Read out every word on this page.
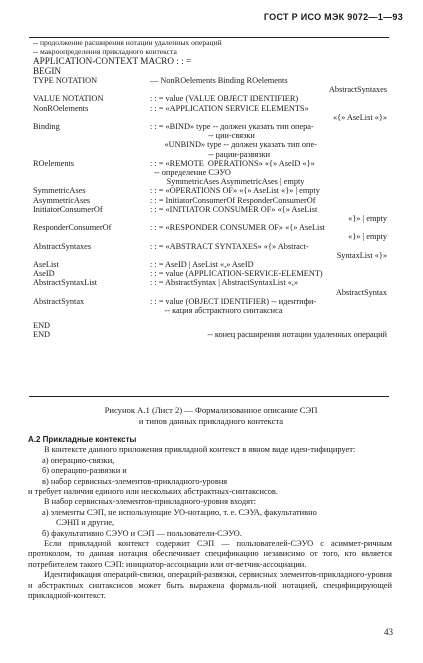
ГОСТ Р ИСО МЭК 9072—1—93
-- продолжение расширения нотации удаленных операций
-- макроопределения прикладного контекста
APPLICATION-CONTEXT MACRO : : =
BEGIN
TYPE NOTATION	— NonROelements Binding ROelements
AbstractSyntaxes
VALUE NOTATION	: : = value (VALUE OBJECT IDENTIFIER)
NonROelements	: : = «APPLICATION SERVICE ELEMENTS»
«{» AseList «}»
Binding	: : = «BIND» type -- должен указать тип опера-
-- ции-связки
«UNBIND» type -- должен указать тип опе-
-- рации-развязки
ROelements	: : = «REMOTE  OPERATIONS» «{» AseID «}»
-- определение СЭУО
SymmetricAses AsymmetricAses | empty
SymmetricAses	: : = «OPERATIONS OF» «{» AseList «}» | empty
AsymmetricAses	: : = InitiatorConsumerOf ResponderConsumerOf
InitiatorConsumerOf	: : = «INITIATOR CONSUMER OF» «{» AseList
«}» | empty
ResponderConsumerOf	: : = «RESPONDER CONSUMER OF» «{» AseList
«}» | empty
AbstractSyntaxes	: : = «ABSTRACT SYNTAXES» «{» Abstract-
SyntaxList «}»
AseList	: : = AseID | AseList «,» AseID
AseID	: : = value (APPLICATION-SERVICE-ELEMENT)
AbstractSyntaxList	: : = AbstractSyntax | AbstractSyntaxList «,»
AbstractSyntax
AbstractSyntax	: : = value (OBJECT IDENTIFIER) -- идентифи-
-- кация абстрактного синтаксиса
END
END	-- конец расширения нотации удаленных операций
Рисунок А.1 (Лист 2) — Формализованное описание СЭП
и типов данных прикладного контекста

А.2 Прикладные контексты

В контексте данного приложения прикладной контекст в явном виде иден-тифицирует:

а) операцию-связки,

б) операцию-развязки и

в) набор сервисных-элементов-прикладного-уровня

и требует наличия единого или нескольких абстрактных-синтаксисов.

В набор сервисных-элементов-прикладного-уровня входят:

а) элементы СЭП, не использующие УО-нотацию, т. е. СЭУА, факультативно

СЭНП и другие,

б) факультативно СЭУО и СЭП — пользователи-СЭУО.

Если прикладной контекст содержит СЭП — пользователей-СЭУО с асиммет-ричным протоколом, то данная нотация обеспечивает спецификацию независимо от того, кто является потребителем такого СЭП: инициатор-ассоциации или от-ветчик-ассоциации.

Идентификация операций-связки, операций-развязки, сервисных элементов-прикладного-уровня и абстрактных синтаксисов может быть выражена формаль-ной нотацией, специфицирующей прикладной-контекст.

43
